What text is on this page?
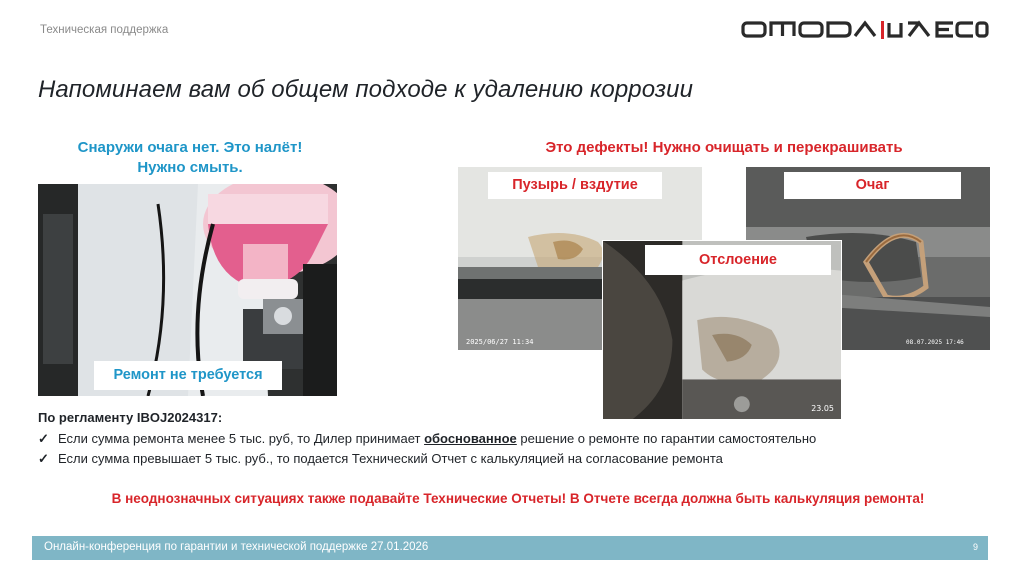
Техническая поддержка
Напоминаем вам об общем подходе к удалению коррозии
Снаружи очага нет. Это налёт!
Нужно смыть.
Это дефекты! Нужно очищать и перекрашивать
Ремонт не требуется
2025/06/27 11:34
Пузырь / вздутие
08.07.2025 17:46
Очаг
23.05
Отслоение
По регламенту IBOJ2024317:
✓ Если сумма ремонта менее 5 тыс. руб, то Дилер принимает обоснованное решение о ремонте по гарантии самостоятельно
✓ Если сумма превышает 5 тыс. руб., то подается Технический Отчет с калькуляцией на согласование ремонта
В неоднозначных ситуациях также подавайте Технические Отчеты! В Отчете всегда должна быть калькуляция ремонта!
Онлайн-конференция по гарантии и технической поддержке 27.01.2026	9
